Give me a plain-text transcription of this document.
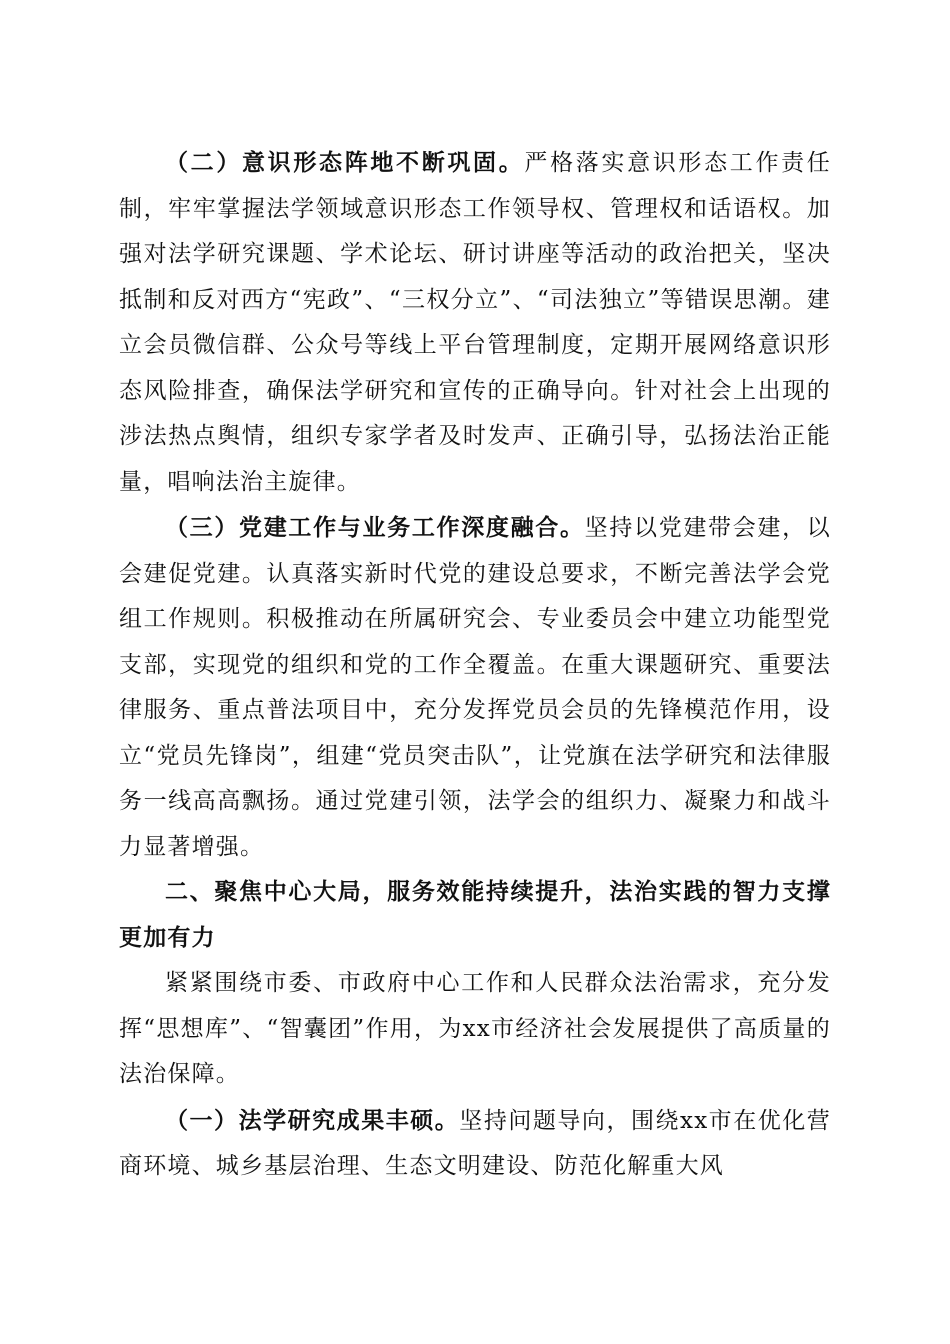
（二）意识形态阵地不断巩固。严格落实意识形态工作责任制，牢牢掌握法学领域意识形态工作领导权、管理权和话语权。加强对法学研究课题、学术论坛、研讨讲座等活动的政治把关，坚决抵制和反对西方“宪政”、“三权分立”、“司法独立”等错误思潮。建立会员微信群、公众号等线上平台管理制度，定期开展网络意识形态风险排查，确保法学研究和宣传的正确导向。针对社会上出现的涉法热点舆情，组织专家学者及时发声、正确引导，弘扬法治正能量，唱响法治主旋律。

（三）党建工作与业务工作深度融合。坚持以党建带会建，以会建促党建。认真落实新时代党的建设总要求，不断完善法学会党组工作规则。积极推动在所属研究会、专业委员会中建立功能型党支部，实现党的组织和党的工作全覆盖。在重大课题研究、重要法律服务、重点普法项目中，充分发挥党员会员的先锋模范作用，设立“党员先锋岗”，组建“党员突击队”，让党旗在法学研究和法律服务一线高高飘扬。通过党建引领，法学会的组织力、凝聚力和战斗力显著增强。

二、聚焦中心大局，服务效能持续提升，法治实践的智力支撑更加有力

紧紧围绕市委、市政府中心工作和人民群众法治需求，充分发挥“思想库”、“智囊团”作用，为xx市经济社会发展提供了高质量的法治保障。

（一）法学研究成果丰硕。坚持问题导向，围绕xx市在优化营商环境、城乡基层治理、生态文明建设、防范化解重大风
